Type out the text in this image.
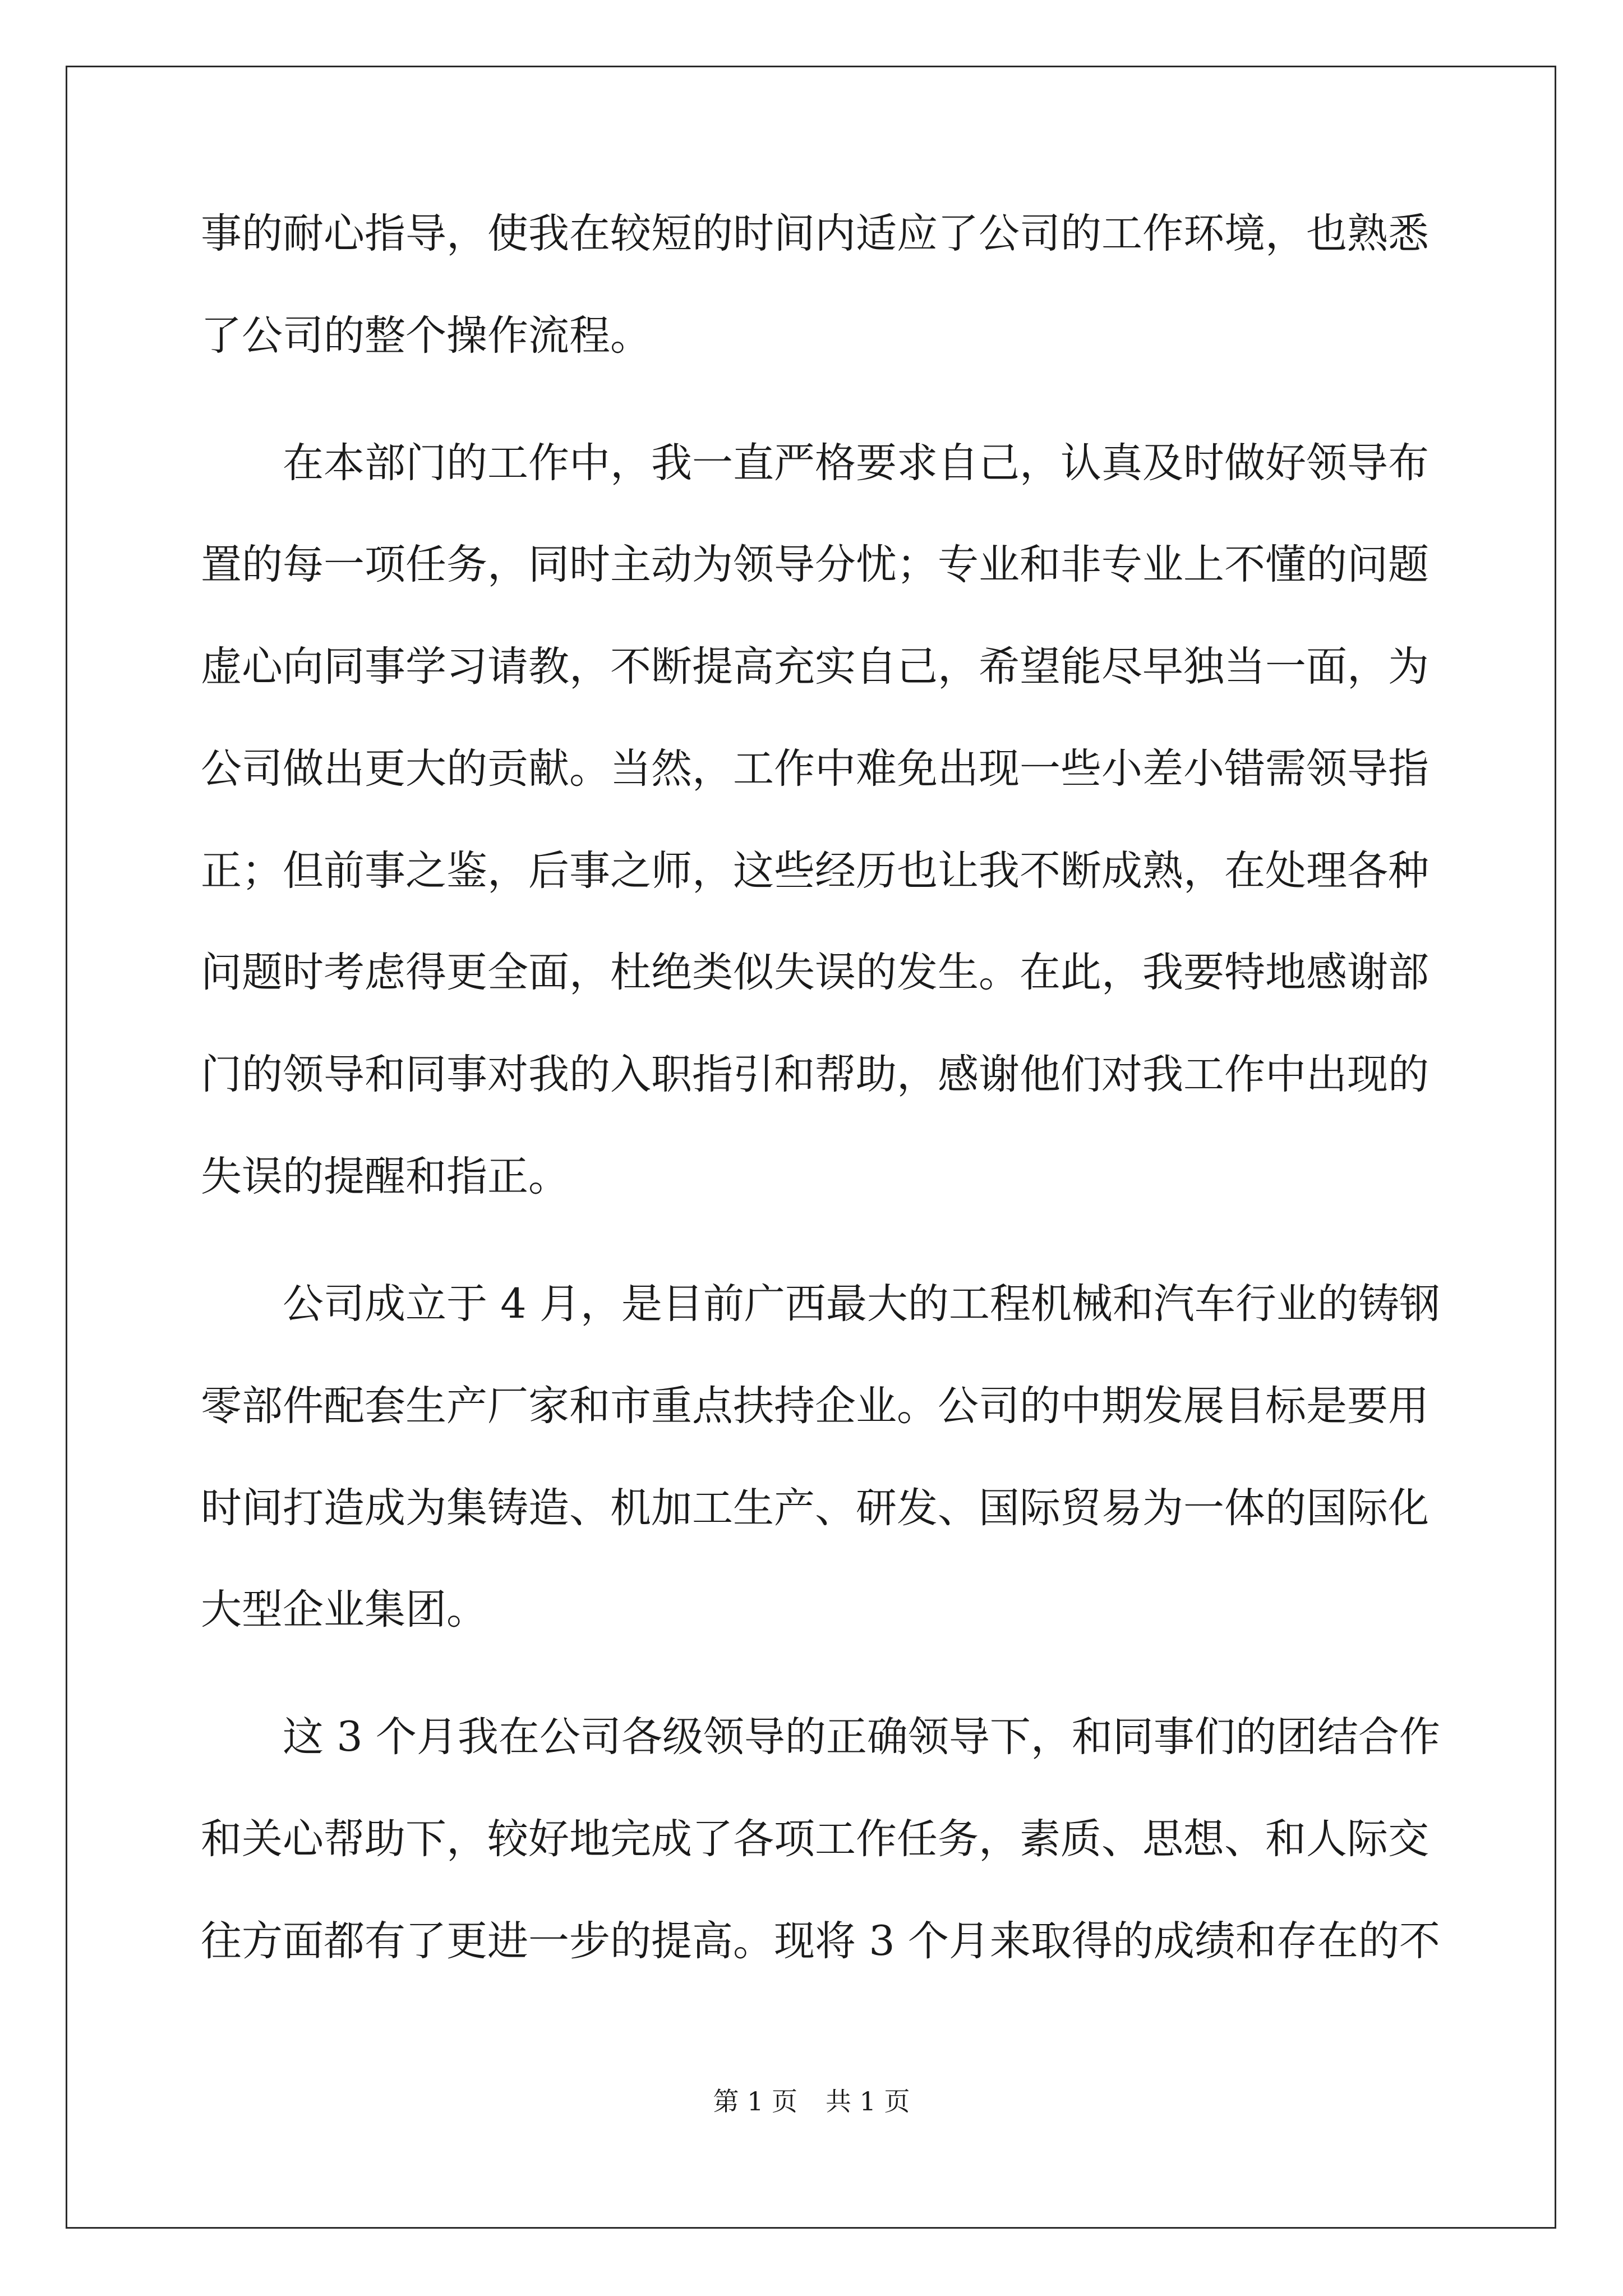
事的耐心指导，使我在较短的时间内适应了公司的工作环境，也熟悉
了公司的整个操作流程。
在本部门的工作中，我一直严格要求自己，认真及时做好领导布
置的每一项任务，同时主动为领导分忧；专业和非专业上不懂的问题
虚心向同事学习请教，不断提高充实自己，希望能尽早独当一面，为
公司做出更大的贡献。当然，工作中难免出现一些小差小错需领导指
正；但前事之鉴，后事之师，这些经历也让我不断成熟，在处理各种
问题时考虑得更全面，杜绝类似失误的发生。在此，我要特地感谢部
门的领导和同事对我的入职指引和帮助，感谢他们对我工作中出现的
失误的提醒和指正。
公司成立于 4 月，是目前广西最大的工程机械和汽车行业的铸钢
零部件配套生产厂家和市重点扶持企业。公司的中期发展目标是要用
时间打造成为集铸造、机加工生产、研发、国际贸易为一体的国际化
大型企业集团。
这 3 个月我在公司各级领导的正确领导下，和同事们的团结合作
和关心帮助下，较好地完成了各项工作任务，素质、思想、和人际交
往方面都有了更进一步的提高。现将 3 个月来取得的成绩和存在的不
第 1 页 共 1 页
